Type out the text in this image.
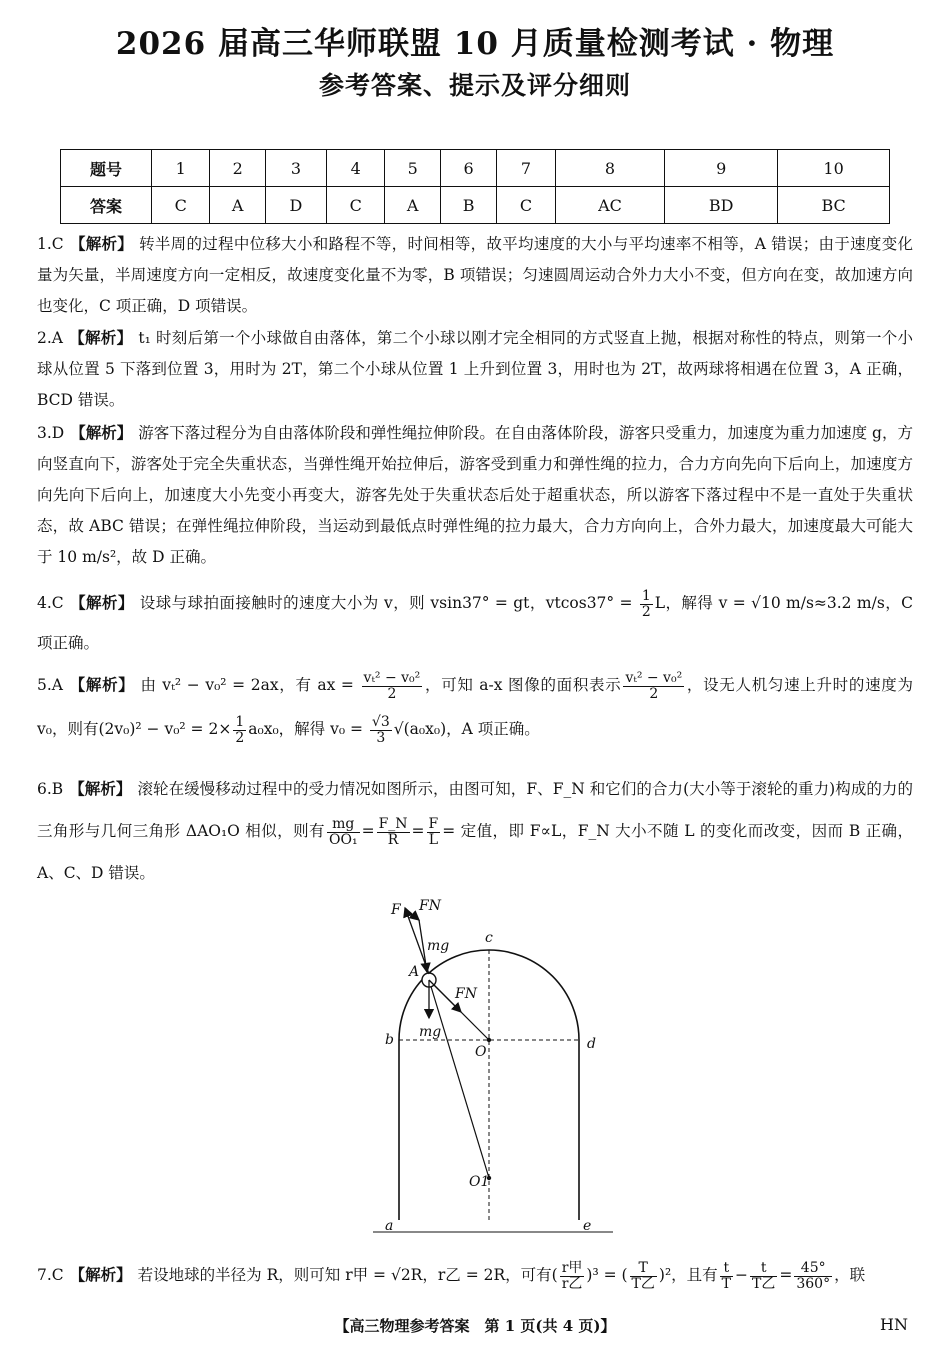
2026 届高三华师联盟 10 月质量检测考试 · 物理
参考答案、提示及评分细则
题号	1	2	3	4	5	6	7	8	9	10
答案	C	A	D	C	A	B	C	AC	BD	BC
1.C 【解析】 转半周的过程中位移大小和路程不等，时间相等，故平均速度的大小与平均速率不相等，A 错误；由于速度变化量为矢量，半周速度方向一定相反，故速度变化量不为零，B 项错误；匀速圆周运动合外力大小不变，但方向在变，故加速方向也变化，C 项正确，D 项错误。
2.A 【解析】 t₁ 时刻后第一个小球做自由落体，第二个小球以刚才完全相同的方式竖直上抛，根据对称性的特点，则第一个小球从位置 5 下落到位置 3，用时为 2T，第二个小球从位置 1 上升到位置 3，用时也为 2T，故两球将相遇在位置 3，A 正确，BCD 错误。
3.D 【解析】 游客下落过程分为自由落体阶段和弹性绳拉伸阶段。在自由落体阶段，游客只受重力，加速度为重力加速度 g，方向竖直向下，游客处于完全失重状态，当弹性绳开始拉伸后，游客受到重力和弹性绳的拉力，合力方向先向下后向上，加速度方向先向下后向上，加速度大小先变小再变大，游客先处于失重状态后处于超重状态，所以游客下落过程中不是一直处于失重状态，故 ABC 错误；在弹性绳拉伸阶段，当运动到最低点时弹性绳的拉力最大，合力方向向上，合外力最大，加速度最大可能大于 10 m/s²，故 D 正确。
4.C 【解析】 设球与球拍面接触时的速度大小为 v，则 vsin37° = gt，$vtcos37^\circ = \frac{1}{2}$ L，解得 v = √10 m/s≈3.2 m/s，C 项正确。
5.A 【解析】 由 vₜ² − v₀² = 2ax，有 ax = $\frac{\text{vₜ² − v₀²}}{2}$ ，可知 a-x 图像的面积表示 $\frac{\text{vₜ² − v₀²}}{2}$ ，设无人机匀速上升时的速度为 v₀，则有$(2v_0)^2 - v_0^2 = 2\times \frac{1}{2} a_0x_0$，解得 $v_0 = \frac{√3}{3} √(a_0x_0)$，A 项正确。
6.B 【解析】 滚轮在缓慢移动过程中的受力情况如图所示，由图可知，F、F_N 和它们的合力(大小等于滚轮的重力)构成的力的三角形与几何三角形 ΔAO₁O 相似，则有 $\frac{mg}{\text{OO₁}} = \frac{F\_N}{R} = \frac{F}{L}$ = 定值，即 F∝L，F_N 大小不随 L 的变化而改变，因而 B 正确，A、C、D 错误。
F FN
mg	c
A
FN
b	d
mg
O
O1
a	e
7.C 【解析】 若设地球的半径为 R，则可知 r甲 = √2R，r乙 = 2R，可有( $\frac{\text{r甲}}{\text{r乙}} )^3$ = ( $\frac{T}{\text{T乙}} )^2$，且有 $\frac{t}{T} - \frac{t}{\text{T乙}} = \frac{45^\circ}{360^\circ}$ ，联
【高三物理参考答案　第 1 页(共 4 页)】	HN
